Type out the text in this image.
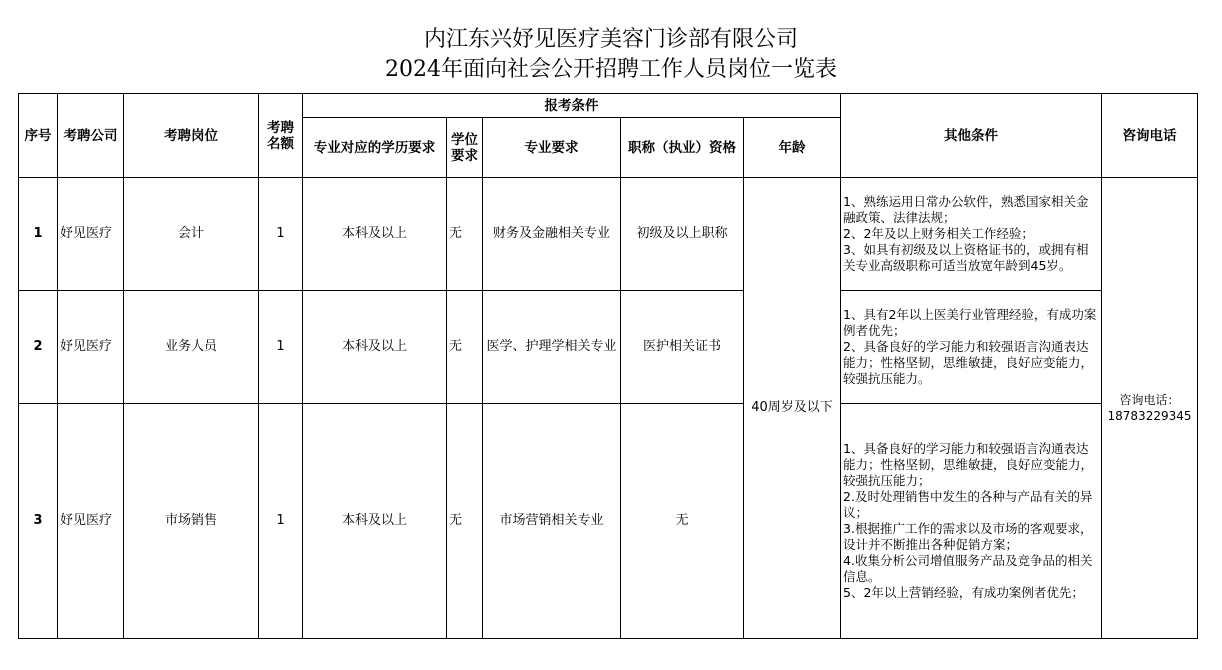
内江东兴妤见医疗美容门诊部有限公司
2024年面向社会公开招聘工作人员岗位一览表
序号	考聘公司	考聘岗位	考聘名额	报考条件					其他条件	咨询电话
				专业对应的学历要求	学位要求	专业要求	职称（执业）资格	年龄		
1	妤见医疗	会计	1	本科及以上	无	财务及金融相关专业	初级及以上职称	40周岁及以下	1、熟练运用日常办公软件，熟悉国家相关金融政策、法律法规；
2、2年及以上财务相关工作经验；
3、如具有初级及以上资格证书的，或拥有相关专业高级职称可适当放宽年龄到45岁。	咨询电话：
18783229345

2	妤见医疗	业务人员	1	本科及以上	无	医学、护理学相关专业	医护相关证书		1、具有2年以上医美行业管理经验，有成功案例者优先；
2、具备良好的学习能力和较强语言沟通表达能力；性格坚韧，思维敏捷，良好应变能力，较强抗压能力。	

3	妤见医疗	市场销售	1	本科及以上	无	市场营销相关专业	无		1、具备良好的学习能力和较强语言沟通表达能力；性格坚韧，思维敏捷，良好应变能力，较强抗压能力；
2.及时处理销售中发生的各种与产品有关的异议；
3.根据推广工作的需求以及市场的客观要求，设计并不断推出各种促销方案；
4.收集分析公司增值服务产品及竞争品的相关信息。
5、2年以上营销经验，有成功案例者优先；	
